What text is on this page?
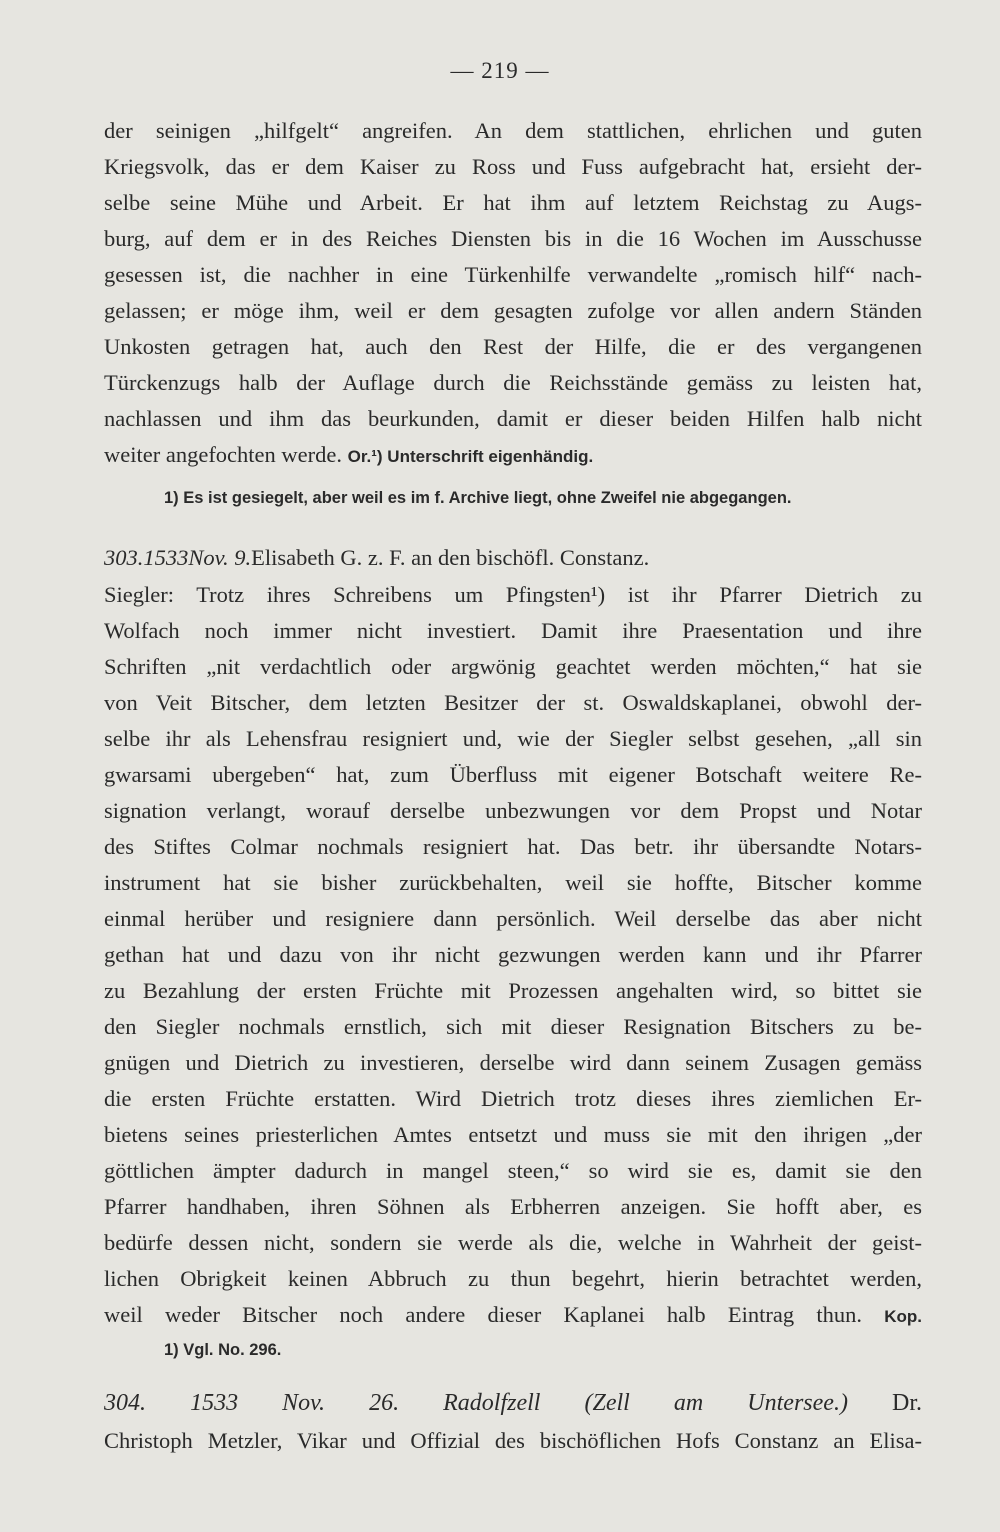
— 219 —
der seinigen „hilfgelt“ angreifen. An dem stattlichen, ehrlichen und guten
Kriegsvolk, das er dem Kaiser zu Ross und Fuss aufgebracht hat, ersieht der-
selbe seine Mühe und Arbeit. Er hat ihm auf letztem Reichstag zu Augs-
burg, auf dem er in des Reiches Diensten bis in die 16 Wochen im Ausschusse
gesessen ist, die nachher in eine Türkenhilfe verwandelte „romisch hilf“ nach-
gelassen; er möge ihm, weil er dem gesagten zufolge vor allen andern Ständen
Unkosten getragen hat, auch den Rest der Hilfe, die er des vergangenen
Türckenzugs halb der Auflage durch die Reichsstände gemäss zu leisten hat,
nachlassen und ihm das beurkunden, damit er dieser beiden Hilfen halb nicht
weiter angefochten werde. Or.¹) Unterschrift eigenhändig.
1) Es ist gesiegelt, aber weil es im f. Archive liegt, ohne Zweifel nie abgegangen.
303.1533Nov. 9.Elisabeth G. z. F. an den bischöfl. Constanz.
Siegler: Trotz ihres Schreibens um Pfingsten¹) ist ihr Pfarrer Dietrich zu
Wolfach noch immer nicht investiert. Damit ihre Praesentation und ihre
Schriften „nit verdachtlich oder argwönig geachtet werden möchten,“ hat sie
von Veit Bitscher, dem letzten Besitzer der st. Oswaldskaplanei, obwohl der-
selbe ihr als Lehensfrau resigniert und, wie der Siegler selbst gesehen, „all sin
gwarsami ubergeben“ hat, zum Überfluss mit eigener Botschaft weitere Re-
signation verlangt, worauf derselbe unbezwungen vor dem Propst und Notar
des Stiftes Colmar nochmals resigniert hat. Das betr. ihr übersandte Notars-
instrument hat sie bisher zurückbehalten, weil sie hoffte, Bitscher komme
einmal herüber und resigniere dann persönlich. Weil derselbe das aber nicht
gethan hat und dazu von ihr nicht gezwungen werden kann und ihr Pfarrer
zu Bezahlung der ersten Früchte mit Prozessen angehalten wird, so bittet sie
den Siegler nochmals ernstlich, sich mit dieser Resignation Bitschers zu be-
gnügen und Dietrich zu investieren, derselbe wird dann seinem Zusagen gemäss
die ersten Früchte erstatten. Wird Dietrich trotz dieses ihres ziemlichen Er-
bietens seines priesterlichen Amtes entsetzt und muss sie mit den ihrigen „der
göttlichen ämpter dadurch in mangel steen,“ so wird sie es, damit sie den
Pfarrer handhaben, ihren Söhnen als Erbherren anzeigen. Sie hofft aber, es
bedürfe dessen nicht, sondern sie werde als die, welche in Wahrheit der geist-
lichen Obrigkeit keinen Abbruch zu thun begehrt, hierin betrachtet werden,
weil weder Bitscher noch andere dieser Kaplanei halb Eintrag thun. Kop.
1) Vgl. No. 296.
304. 1533 Nov. 26. Radolfzell (Zell am Untersee.) Dr.
Christoph Metzler, Vikar und Offizial des bischöflichen Hofs Constanz an Elisa-
